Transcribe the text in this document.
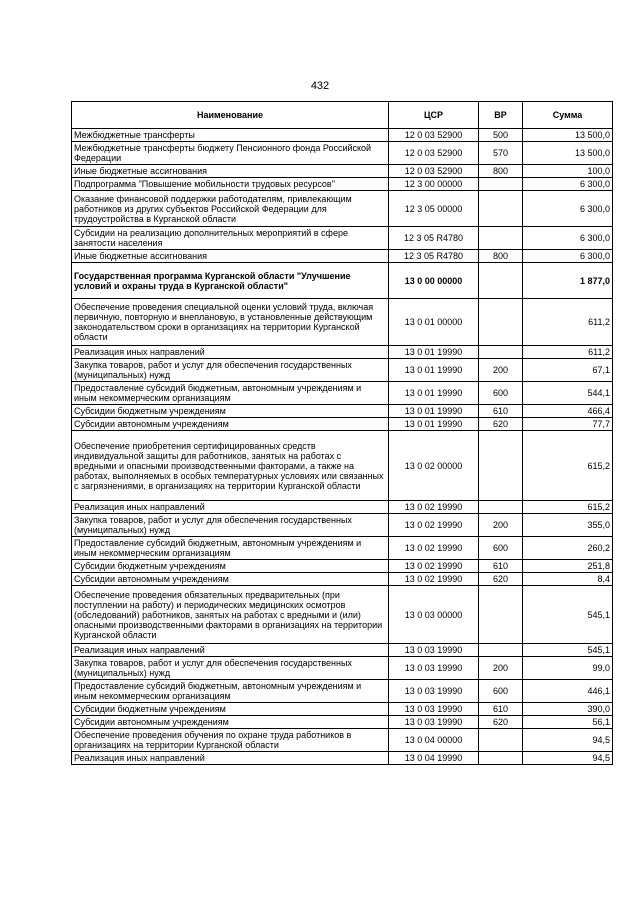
432
Наименование	ЦСР	ВР	Сумма
Межбюджетные трансферты	12 0 03 52900	500	13 500,0
Межбюджетные трансферты бюджету Пенсионного фонда Российской Федерации	12 0 03 52900	570	13 500,0
Иные бюджетные ассигнования	12 0 03 52900	800	100,0
Подпрограмма "Повышение мобильности трудовых ресурсов"	12 3 00 00000		6 300,0
Оказание финансовой поддержки работодателям, привлекающим работников из других субъектов Российской Федерации для трудоустройства в Курганской области	12 3 05 00000		6 300,0
Субсидии на реализацию дополнительных мероприятий в сфере занятости населения	12 3 05 R4780		6 300,0
Иные бюджетные ассигнования	12 3 05 R4780	800	6 300,0
Государственная программа Курганской области "Улучшение условий и охраны труда в Курганской области"	13 0 00 00000		1 877,0
Обеспечение проведения специальной оценки условий труда, включая первичную, повторную и внеплановую, в установленные действующим законодательством сроки в организациях на территории Курганской области	13 0 01 00000		611,2
Реализация иных направлений	13 0 01 19990		611,2
Закупка товаров, работ и услуг для обеспечения государственных (муниципальных) нужд	13 0 01 19990	200	67,1
Предоставление субсидий бюджетным, автономным учреждениям и иным некоммерческим организациям	13 0 01 19990	600	544,1
Субсидии бюджетным учреждениям	13 0 01 19990	610	466,4
Субсидии автономным учреждениям	13 0 01 19990	620	77,7
Обеспечение приобретения сертифицированных средств индивидуальной защиты для работников, занятых на работах с вредными и опасными производственными факторами, а также на работах, выполняемых в особых температурных условиях или связанных с загрязнениями, в организациях на территории Курганской области	13 0 02 00000		615,2
Реализация иных направлений	13 0 02 19990		615,2
Закупка товаров, работ и услуг для обеспечения государственных (муниципальных) нужд	13 0 02 19990	200	355,0
Предоставление субсидий бюджетным, автономным учреждениям и иным некоммерческим организациям	13 0 02 19990	600	260,2
Субсидии бюджетным учреждениям	13 0 02 19990	610	251,8
Субсидии автономным учреждениям	13 0 02 19990	620	8,4
Обеспечение проведения обязательных предварительных (при поступлении на работу) и периодических медицинских осмотров (обследований) работников, занятых на работах с вредными и (или) опасными производственными факторами в организациях на территории Курганской области	13 0 03 00000		545,1
Реализация иных направлений	13 0 03 19990		545,1
Закупка товаров, работ и услуг для обеспечения государственных (муниципальных) нужд	13 0 03 19990	200	99,0
Предоставление субсидий бюджетным, автономным учреждениям и иным некоммерческим организациям	13 0 03 19990	600	446,1
Субсидии бюджетным учреждениям	13 0 03 19990	610	390,0
Субсидии автономным учреждениям	13 0 03 19990	620	56,1
Обеспечение проведения обучения по охране труда работников в организациях на территории Курганской области	13 0 04 00000		94,5
Реализация иных направлений	13 0 04 19990		94,5
